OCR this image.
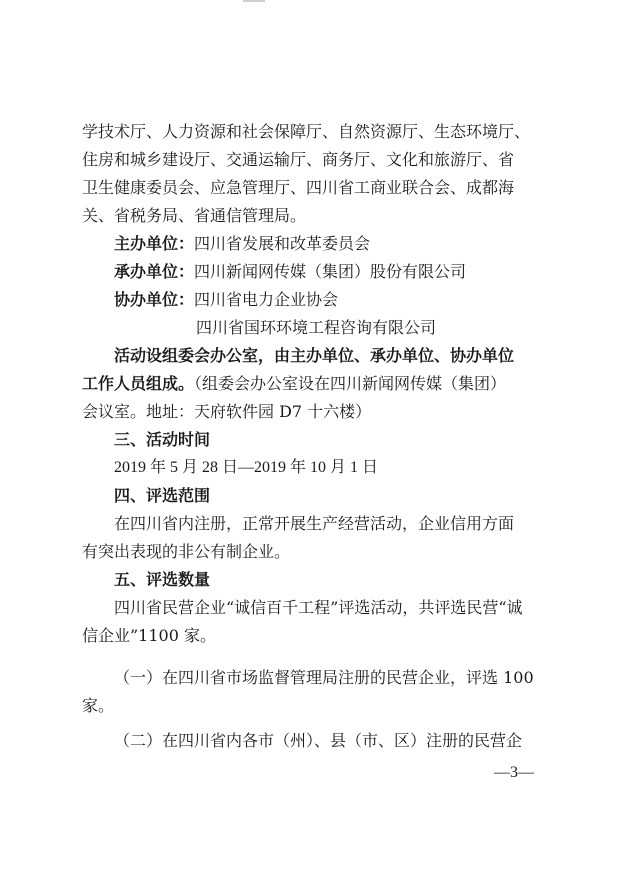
学技术厅、人力资源和社会保障厅、自然资源厅、生态环境厅、
住房和城乡建设厅、交通运输厅、商务厅、文化和旅游厅、省
卫生健康委员会、应急管理厅、四川省工商业联合会、成都海
关、省税务局、省通信管理局。
主办单位：四川省发展和改革委员会
承办单位：四川新闻网传媒（集团）股份有限公司
协办单位：四川省电力企业协会
四川省国环环境工程咨询有限公司
活动设组委会办公室，由主办单位、承办单位、协办单位
工作人员组成。（组委会办公室设在四川新闻网传媒（集团）
会议室。地址：天府软件园 D7 十六楼）
三、活动时间
2019 年 5 月 28 日—2019 年 10 月 1 日
四、评选范围
在四川省内注册，正常开展生产经营活动，企业信用方面
有突出表现的非公有制企业。
五、评选数量
四川省民营企业“诚信百千工程”评选活动，共评选民营“诚
信企业”1100 家。
（一）在四川省市场监督管理局注册的民营企业，评选 100
家。
（二）在四川省内各市（州）、县（市、区）注册的民营企
—3—
